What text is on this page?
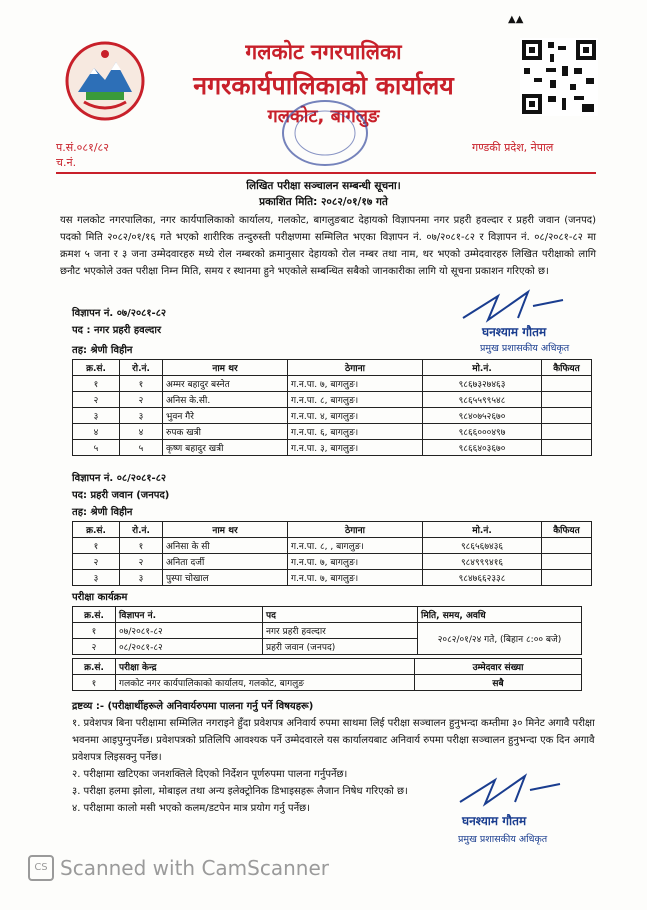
▲▲
गलकोट नगरपालिका
नगरकार्यपालिकाको कार्यालय
गलकोट, बागलुङ
प.सं.०८१/८२
च.नं.
गण्डकी प्रदेश, नेपाल
लिखित परीक्षा सञ्चालन सम्बन्धी सूचना।
प्रकाशित मिति: २०८२/०१/१७ गते
यस गलकोट नगरपालिका, नगर कार्यपालिकाको कार्यालय, गलकोट, बागलुङबाट देहायको विज्ञापनमा नगर प्रहरी हवल्दार र प्रहरी जवान (जनपद) पदको मिति २०८२/०१/१६ गते भएको शारीरिक तन्दुरुस्ती परीक्षणमा सम्मिलित भएका विज्ञापन नं. ०७/२०८१-८२ र विज्ञापन नं. ०८/२०८१-८२ मा क्रमश ५ जना र ३ जना उम्मेदवारहरु मध्ये रोल नम्बरको क्रमानुसार देहायको रोल नम्बर तथा नाम, थर भएको उम्मेदवारहरु लिखित परीक्षाको लागि छनौट भएकोले उक्त परीक्षा निम्न मिति, समय र स्थानमा हुने भएकोले सम्बन्धित सबैको जानकारीका लागि यो सूचना प्रकाशन गरिएको छ।
घनश्याम गौतम
प्रमुख प्रशासकीय अधिकृत
विज्ञापन नं. ०७/२०८१-८२
पद : नगर प्रहरी हवल्दार
तह: श्रेणी विहीन
क्र.सं.	रो.नं.	नाम थर	ठेगाना	मो.नं.	कैफियत
१	१	अम्मर बहादुर बस्नेत	ग.न.पा. ७, बागलुङ।	९८६७३२७४६३	
२	२	अनिस के.सी.	ग.न.पा. ८, बागलुङ।	९८६५५९९५४८	
३	३	भुवन गैरे	ग.न.पा. ४, बागलुङ।	९८४०७५२६७०	
४	४	रुपक खत्री	ग.न.पा. ६, बागलुङ।	९८६६०००४९७	
५	५	कृष्ण बहादुर खत्री	ग.न.पा. ३, बागलुङ।	९८६६४०३६७०	
विज्ञापन नं. ०८/२०८१-८२
पद: प्रहरी जवान (जनपद)
तह: श्रेणी विहीन
क्र.सं.	रो.नं.	नाम थर	ठेगाना	मो.नं.	कैफियत
१	१	अनिसा के सी	ग.न.पा. ८, , बागलुङ।	९८६५६७४३६	
२	२	अनिता दर्जी	ग.न.पा. ७, बागलुङ।	९८४९९९४१६	
३	३	पुस्पा चोखाल	ग.न.पा. ७, बागलुङ।	९८४७६६२३३८	
परीक्षा कार्यक्रम
क्र.सं.	विज्ञापन नं.	पद	मिति, समय, अवधि
१	०७/२०८१-८२	नगर प्रहरी हवल्दार	२०८२/०१/२४ गते, (बिहान ८:०० बजे)
२	०८/२०८१-८२	प्रहरी जवान (जनपद)	
क्र.सं.	परीक्षा केन्द्र	उम्मेदवार संख्या
१	गलकोट नगर कार्यपालिकाको कार्यालय, गलकोट, बागलुङ	सबै
द्रष्टव्य :- (परीक्षार्थीहरूले अनिवार्यरुपमा पालना गर्नु पर्ने विषयहरू)
१. प्रवेशपत्र बिना परीक्षामा सम्मिलित नगराइने हुँदा प्रवेशपत्र अनिवार्य रुपमा साथमा लिई परीक्षा सञ्चालन हुनुभन्दा कम्तीमा ३० मिनेट अगावै परीक्षा भवनमा आइपुग्नुपर्नेछ। प्रवेशपत्रको प्रतिलिपि आवश्यक पर्ने उम्मेदवारले यस कार्यालयबाट अनिवार्य रुपमा परीक्षा सञ्चालन हुनुभन्दा एक दिन अगावै प्रवेशपत्र लिइसक्नु पर्नेछ।
२. परीक्षामा खटिएका जनशक्तिले दिएको निर्देशन पूर्णरुपमा पालना गर्नुपर्नेछ।
३. परीक्षा हलमा झोला, मोबाइल तथा अन्य इलेक्ट्रोनिक डिभाइसहरू लैजान निषेध गरिएको छ।
४. परीक्षामा कालो मसी भएको कलम/डटपेन मात्र प्रयोग गर्नु पर्नेछ।
घनश्याम गौतम
प्रमुख प्रशासकीय अधिकृत
CS Scanned with CamScanner
